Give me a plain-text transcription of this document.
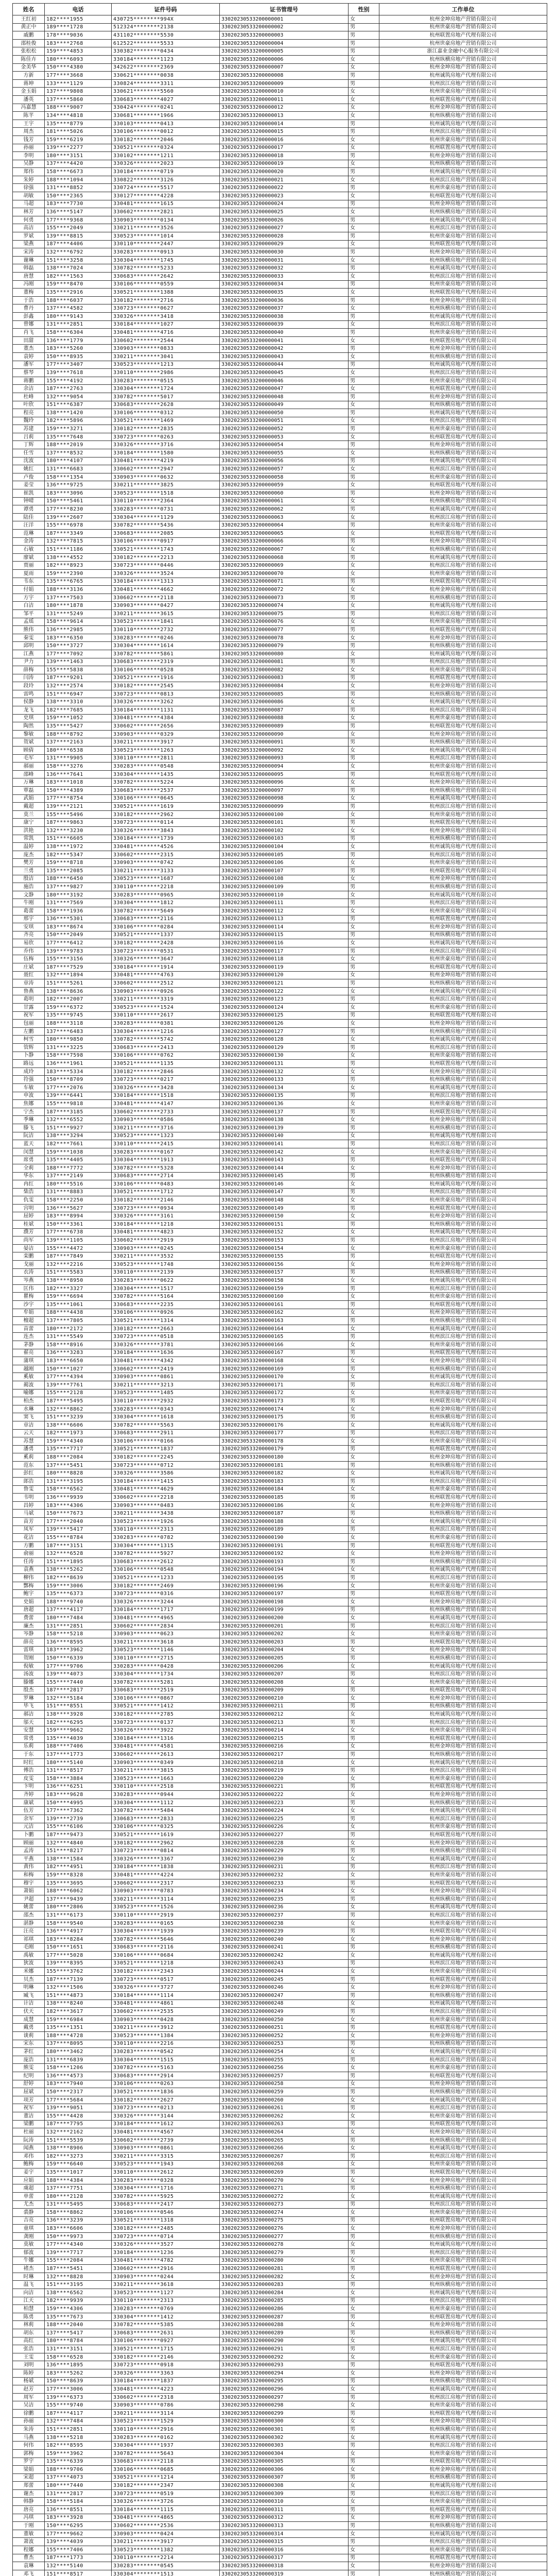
姓名	电话	证件号码	证书管理号	性别	工作单位
王红初	182****1955	430725********994X	33020230533200000001	女	杭州金坤房地产营销有限公司
黄正中	189****1728	512324********2138	33020230533200000002	男	杭州世豪房地产营销有限公司
戚鹏	178****9036	431102********5530	33020230533200000003	男	杭州联置房地产代理有限公司
邵桂俊	183****2768	612522********5533	33020230533200000004	男	杭州世豪房地产营销有限公司
张松松	159****4853	330382********0434	33020230533200000005	男	浙江嘉业金融中心服务有限公司
陈佳卉	180****6093	330184********1123	33020230533200000006	女	杭州纵横房地产营销有限公司
金美华	150****4380	342622********2369	33020230533200000007	女	杭州金坤房地产营销有限公司
方新	177****3668	330621********0038	33020230533200000008	男	杭州诚筑房地产代理有限公司
蒋坤	133****1129	330824********3311	33020230533200000009	男	杭州滨江房地产营销有限公司
金玉娟	137****9808	330621********5560	33020230533200000010	女	杭州世豪房地产营销有限公司
潘英	137****5860	330683********4027	33020230533200000011	女	杭州联置房地产代理有限公司
冯嘉慧	188****9007	330424********0241	33020230533200000012	女	杭州金坤房地产营销有限公司
陈芊	134****4818	330681********1966	33020230533200000013	女	杭州纵横房地产营销有限公司
王宇	135****8779	330103********0413	33020230533200000014	男	杭州诚筑房地产代理有限公司
周杰	181****5026	330106********0012	33020230533200000015	男	杭州滨江房地产营销有限公司
钱芳	159****6219	330182********2046	33020230533200000016	女	杭州世豪房地产营销有限公司
孙丽	139****2277	330521********0324	33020230533200000017	女	杭州联置房地产代理有限公司
李明	180****3151	330102********1211	33020230533200000018	男	杭州金坤房地产营销有限公司
吴静	137****4420	330326********2023	33020230533200000019	女	杭州纵横房地产营销有限公司
郑伟	158****6673	330184********0719	33020230533200000020	男	杭州诚筑房地产代理有限公司
朱婷	188****1094	330822********3126	33020230533200000021	女	杭州滨江房地产营销有限公司
徐强	131****8852	330724********5517	33020230533200000022	男	杭州世豪房地产营销有限公司
胡敏	150****2365	330127********4228	33020230533200000023	女	杭州联置房地产代理有限公司
马超	183****7730	330481********1615	33020230533200000024	男	杭州金坤房地产营销有限公司
林芳	136****5147	330602********2821	33020230533200000025	女	杭州纵横房地产营销有限公司
何勇	177****9368	330903********0134	33020230533200000026	男	杭州诚筑房地产代理有限公司
高洁	155****2049	330211********3526	33020230533200000027	女	杭州滨江房地产营销有限公司
罗斌	139****8815	330523********1014	33020230533200000028	男	杭州世豪房地产营销有限公司
梁燕	187****4406	330110********2447	33020230533200000029	女	杭州联置房地产代理有限公司
宋涛	132****6792	330283********0913	33020230533200000030	男	杭州金坤房地产营销有限公司
谢琳	151****3258	330304********1745	33020230533200000031	女	杭州纵横房地产营销有限公司
韩磊	138****7024	330782********5233	33020230533200000032	男	杭州诚筑房地产代理有限公司
唐慧	182****1563	330683********2642	33020230533200000033	女	杭州滨江房地产营销有限公司
冯刚	159****8470	330106********0559	33020230533200000034	男	杭州世豪房地产营销有限公司
董梅	135****2916	330521********1388	33020230533200000035	女	杭州联置房地产代理有限公司
于浩	188****6037	330182********2716	33020230533200000036	男	杭州金坤房地产营销有限公司
曹丹	137****4582	330723********0627	33020230533200000037	女	杭州纵横房地产营销有限公司
彭鑫	180****9143	330326********3418	33020230533200000038	男	杭州诚筑房地产代理有限公司
曾娜	131****2851	330184********1027	33020230533200000039	女	杭州滨江房地产营销有限公司
肖飞	158****6304	330481********4716	33020230533200000040	男	杭州世豪房地产营销有限公司
田甜	136****1779	330602********2544	33020230533200000041	女	杭州联置房地产代理有限公司
董杰	183****5260	330903********0833	33020230533200000042	男	杭州金坤房地产营销有限公司
袁婷	150****8935	330211********3041	33020230533200000043	女	杭州纵横房地产营销有限公司
潘军	177****3407	330523********1213	33020230533200000044	男	杭州诚筑房地产代理有限公司
蔡琴	139****7618	330110********2986	33020230533200000045	女	杭州滨江房地产营销有限公司
蒋鹏	155****4192	330283********0515	33020230533200000046	男	杭州世豪房地产营销有限公司
余洁	187****2763	330304********1724	33020230533200000047	女	杭州联置房地产代理有限公司
杜峰	132****9054	330782********5017	33020230533200000048	男	杭州金坤房地产营销有限公司
叶欣	151****6387	330683********2628	33020230533200000049	女	杭州纵横房地产营销有限公司
程亮	138****1420	330106********0312	33020230533200000050	男	杭州诚筑房地产代理有限公司
魏玲	182****5896	330521********1469	33020230533200000051	女	杭州滨江房地产营销有限公司
苏建	159****3271	330182********2835	33020230533200000052	男	杭州世豪房地产营销有限公司
吕莉	135****7648	330723********0263	33020230533200000053	女	杭州联置房地产代理有限公司
丁辉	188****2019	330326********3716	33020230533200000054	男	杭州金坤房地产营销有限公司
任雪	137****8532	330184********1580	33020230533200000055	女	杭州纵横房地产营销有限公司
沈波	180****4107	330481********4219	33020230533200000056	男	杭州诚筑房地产代理有限公司
姚红	131****6683	330602********2947	33020230533200000057	女	杭州滨江房地产营销有限公司
卢俊	158****1354	330903********0632	33020230533200000058	男	杭州世豪房地产营销有限公司
姜莹	136****9725	330211********3825	33020230533200000059	女	杭州联置房地产代理有限公司
崔凯	183****3096	330523********1518	33020230533200000060	男	杭州金坤房地产营销有限公司
钟晴	150****5461	330110********2364	33020230533200000061	女	杭州纵横房地产营销有限公司
谭勇	177****8230	330283********0731	33020230533200000062	男	杭州诚筑房地产代理有限公司
陆佳	139****2607	330304********1129	33020230533200000063	女	杭州滨江房地产营销有限公司
汪洋	155****6978	330782********5436	33020230533200000064	男	杭州世豪房地产营销有限公司
范琳	187****3349	330683********2085	33020230533200000065	女	杭州联置房地产代理有限公司
金涛	132****7815	330106********0917	33020230533200000066	男	杭州金坤房地产营销有限公司
石敏	151****1186	330521********1743	33020230533200000067	女	杭州纵横房地产营销有限公司
廖斌	138****4552	330182********2213	33020230533200000068	男	杭州诚筑房地产代理有限公司
贾丽	182****8923	330723********0446	33020230533200000069	女	杭州滨江房地产营销有限公司
夏雨	159****2390	330326********3524	33020230533200000070	女	杭州世豪房地产营销有限公司
韦东	135****6765	330184********1313	33020230533200000071	男	杭州联置房地产代理有限公司
付娟	188****3136	330481********4662	33020230533200000072	女	杭州金坤房地产营销有限公司
方宇	137****7503	330602********2118	33020230533200000073	男	杭州纵横房地产营销有限公司
白洁	180****1878	330903********0427	33020230533200000074	女	杭州诚筑房地产代理有限公司
邹平	131****5249	330211********3615	33020230533200000075	男	杭州滨江房地产营销有限公司
孟瑶	158****9614	330523********1841	33020230533200000076	女	杭州世豪房地产营销有限公司
熊伟	136****2985	330110********2732	33020230533200000077	男	杭州联置房地产代理有限公司
秦雯	183****6350	330283********0246	33020230533200000078	女	杭州金坤房地产营销有限公司
邱明	150****3727	330304********1614	33020230533200000079	男	杭州纵横房地产营销有限公司
江燕	177****7092	330782********5861	33020230533200000080	女	杭州诚筑房地产代理有限公司
尹力	139****1463	330683********2319	33020230533200000081	男	杭州滨江房地产营销有限公司
薛梅	155****5838	330106********0528	33020230533200000082	女	杭州世豪房地产营销有限公司
闫涛	187****9201	330521********1916	33020230533200000083	男	杭州联置房地产代理有限公司
段玲	132****2574	330182********2545	33020230533200000084	女	杭州金坤房地产营销有限公司
雷鸣	151****6947	330723********0813	33020230533200000085	男	杭州纵横房地产营销有限公司
侯静	138****3310	330326********3262	33020230533200000086	女	杭州诚筑房地产代理有限公司
龙飞	182****7685	330184********1131	33020230533200000087	男	杭州滨江房地产营销有限公司
史琪	159****1052	330481********4384	33020230533200000088	女	杭州世豪房地产营销有限公司
陶然	135****5427	330602********2656	33020230533200000089	男	杭州联置房地产代理有限公司
黎敏	188****8792	330903********0329	33020230533200000090	女	杭州金坤房地产营销有限公司
贺斌	137****2163	330211********3917	33020230533200000091	男	杭州纵横房地产营销有限公司
顾倩	180****6538	330523********1263	33020230533200000092	女	杭州诚筑房地产代理有限公司
毛军	131****9905	330110********2811	33020230533200000093	男	杭州滨江房地产营销有限公司
郝丽	158****3276	330283********0548	33020230533200000094	女	杭州世豪房地产营销有限公司
邵峰	136****7641	330304********1435	33020230533200000095	男	杭州联置房地产代理有限公司
万琳	183****1018	330782********5224	33020230533200000096	女	杭州金坤房地产营销有限公司
覃磊	150****4389	330683********2537	33020230533200000097	男	杭州纵横房地产营销有限公司
武娟	177****8754	330106********0645	33020230533200000098	女	杭州诚筑房地产代理有限公司
戴超	139****2121	330521********1619	33020230533200000099	男	杭州滨江房地产营销有限公司
莫兰	155****5496	330182********2962	33020230533200000100	女	杭州世豪房地产营销有限公司
康宁	187****9863	330723********0114	33020230533200000101	男	杭州联置房地产代理有限公司
洪艳	132****3230	330326********3843	33020230533200000102	女	杭州金坤房地产营销有限公司
常凯	151****6605	330184********1739	33020230533200000103	男	杭州纵横房地产营销有限公司
温婷	138****1972	330481********4526	33020230533200000104	女	杭州诚筑房地产代理有限公司
庞杰	182****5347	330602********2315	33020230533200000105	男	杭州滨江房地产营销有限公司
樊芳	159****8718	330903********0742	33020230533200000106	女	杭州世豪房地产营销有限公司
兰勇	135****2085	330211********3133	33020230533200000107	男	杭州联置房地产代理有限公司
殷洁	188****6450	330523********1687	33020230533200000108	女	杭州金坤房地产营销有限公司
施浩	137****9827	330110********2218	33020230533200000109	男	杭州纵横房地产营销有限公司
文静	180****3192	330283********0965	33020230533200000110	女	杭州诚筑房地产代理有限公司
牛刚	131****7569	330304********1812	33020230533200000111	男	杭州滨江房地产营销有限公司
葛蕾	158****1936	330782********5649	33020230533200000112	女	杭州世豪房地产营销有限公司
邢宇	136****5301	330683********2116	33020230533200000113	男	杭州联置房地产代理有限公司
安琪	183****8674	330106********0284	33020230533200000114	女	杭州金坤房地产营销有限公司
齐亮	150****2049	330521********1337	33020230533200000115	男	杭州纵横房地产营销有限公司
易欣	177****6412	330182********2428	33020230533200000116	女	杭州诚筑房地产代理有限公司
乔伟	139****9783	330723********0531	33020230533200000117	男	杭州滨江房地产营销有限公司
伍梅	155****3156	330326********3647	33020230533200000118	女	杭州世豪房地产营销有限公司
庄斌	187****7529	330184********1914	33020230533200000119	男	杭州联置房地产代理有限公司
聂红	132****1894	330481********4763	33020230533200000120	女	杭州金坤房地产营销有限公司
章涛	151****5261	330602********2512	33020230533200000121	男	杭州纵横房地产营销有限公司
鲁燕	138****8636	330903********0926	33020230533200000122	女	杭州诚筑房地产代理有限公司
葛明	182****2007	330211********3319	33020230533200000123	男	杭州滨江房地产营销有限公司
甘露	159****6372	330523********1524	33020230533200000124	女	杭州世豪房地产营销有限公司
祝军	135****9745	330110********2617	33020230533200000125	男	杭州联置房地产代理有限公司
包丽	188****3118	330283********0381	33020230533200000126	女	杭州金坤房地产营销有限公司
左鹏	137****6483	330304********1216	33020230533200000127	男	杭州纵横房地产营销有限公司
柯雪	180****9850	330782********5742	33020230533200000128	女	杭州诚筑房地产代理有限公司
管辉	131****3225	330683********2413	33020230533200000129	男	杭州滨江房地产营销有限公司
卜静	158****7598	330106********0762	33020230533200000130	女	杭州世豪房地产营销有限公司
路远	136****1961	330521********1135	33020230533200000131	男	杭州联置房地产代理有限公司
成玲	183****5334	330182********2846	33020230533200000132	女	杭州金坤房地产营销有限公司
符强	150****8709	330723********0217	33020230533200000133	男	杭州纵横房地产营销有限公司
车敏	177****2076	330326********3428	33020230533200000134	女	杭州诚筑房地产代理有限公司
申波	139****6441	330184********1518	33020230533200000135	男	杭州滨江房地产营销有限公司
焦娜	155****9818	330481********4147	33020230533200000136	女	杭州世豪房地产营销有限公司
宁杰	187****3185	330602********2733	33020230533200000137	男	杭州联置房地产代理有限公司
季琳	132****6552	330903********0586	33020230533200000138	女	杭州金坤房地产营销有限公司
滕飞	151****9927	330211********3716	33020230533200000139	男	杭州纵横房地产营销有限公司
阮洁	138****3294	330523********1323	33020230533200000140	女	杭州诚筑房地产代理有限公司
蓝天	182****7661	330110********2415	33020230533200000141	男	杭州滨江房地产营销有限公司
闵慧	159****1038	330283********0167	33020230533200000142	女	杭州世豪房地产营销有限公司
席勇	135****4405	330304********1913	33020230533200000143	男	杭州联置房地产代理有限公司
全莉	188****7772	330782********5328	33020230533200000144	女	杭州金坤房地产营销有限公司
华东	137****2149	330683********2714	33020230533200000145	男	杭州纵横房地产营销有限公司
冉红	180****5516	330106********0483	33020230533200000146	女	杭州诚筑房地产代理有限公司
柴浩	131****8883	330521********1712	33020230533200000147	男	杭州滨江房地产营销有限公司
仇雯	158****2250	330182********2146	33020230533200000148	女	杭州世豪房地产营销有限公司
宫明	136****5627	330723********0934	33020230533200000149	男	杭州联置房地产代理有限公司
屈婷	183****8994	330326********3161	33020230533200000150	女	杭州金坤房地产营销有限公司
桂斌	150****3361	330184********1218	33020230533200000151	男	杭州纵横房地产营销有限公司
濮芳	177****6738	330481********4823	33020230533200000152	女	杭州诚筑房地产代理有限公司
尚军	139****1105	330602********2919	33020230533200000153	男	杭州滨江房地产营销有限公司
晏洁	155****4472	330903********0245	33020230533200000154	女	杭州世豪房地产营销有限公司
栾鹏	187****7849	330211********3532	33020230533200000155	男	杭州联置房地产代理有限公司
戈丽	132****2216	330523********1748	33020230533200000156	女	杭州金坤房地产营销有限公司
衣涛	151****5583	330110********2139	33020230533200000157	男	杭州纵横房地产营销有限公司
岑燕	138****8950	330283********0622	33020230533200000158	女	杭州诚筑房地产代理有限公司
匡伟	182****3327	330304********1517	33020230533200000159	男	杭州滨江房地产营销有限公司
瞿梅	159****6694	330782********5164	33020230533200000160	女	杭州世豪房地产营销有限公司
沙宇	135****1061	330683********2235	33020230533200000161	男	杭州联置房地产代理有限公司
牟娟	188****4438	330106********0926	33020230533200000162	女	杭州金坤房地产营销有限公司
檀超	137****7805	330521********1314	33020230533200000163	男	杭州纵横房地产营销有限公司
苗蕾	180****2172	330182********2663	33020230533200000164	女	杭州诚筑房地产代理有限公司
连杰	131****5549	330723********0518	33020230533200000165	男	杭州滨江房地产营销有限公司
茅静	158****8916	330326********3781	33020230533200000166	女	杭州世豪房地产营销有限公司
翟亮	136****3283	330184********1636	33020230533200000167	男	杭州联置房地产代理有限公司
蒲琪	183****6650	330481********4342	33020230533200000168	女	杭州金坤房地产营销有限公司
越刚	150****1027	330602********2419	33020230533200000169	男	杭州纵横房地产营销有限公司
奚敏	177****4394	330903********0861	33020230533200000170	女	杭州诚筑房地产代理有限公司
蔺波	139****7761	330211********3213	33020230533200000171	男	杭州滨江房地产营销有限公司
喻娜	155****2128	330523********1485	33020230533200000172	女	杭州世豪房地产营销有限公司
柏杰	187****5495	330110********2932	33020230533200000173	男	杭州联置房地产代理有限公司
水琳	132****8862	330283********0343	33020230533200000174	女	杭州金坤房地产营销有限公司
窦飞	151****3239	330304********1618	33020230533200000175	男	杭州纵横房地产营销有限公司
章洁	138****6606	330782********5563	33020230533200000176	女	杭州诚筑房地产代理有限公司
云天	182****1973	330683********2911	33020230533200000177	男	杭州滨江房地产营销有限公司
苏慧	159****4340	330106********0166	33020230533200000178	女	杭州世豪房地产营销有限公司
潘勇	135****7717	330521********1837	33020230533200000179	男	杭州联置房地产代理有限公司
奚莉	188****2084	330182********2245	33020230533200000180	女	杭州金坤房地产营销有限公司
范东	137****5451	330723********0712	33020230533200000181	男	杭州纵横房地产营销有限公司
彭红	180****8828	330326********3586	33020230533200000182	女	杭州诚筑房地产代理有限公司
郎浩	131****3195	330184********1415	33020230533200000183	男	杭州滨江房地产营销有限公司
鲁雯	158****6562	330481********4629	33020230533200000184	女	杭州世豪房地产营销有限公司
韦明	136****9939	330602********2218	33020230533200000185	男	杭州联置房地产代理有限公司
昌婷	183****4306	330903********0483	33020230533200000186	女	杭州金坤房地产营销有限公司
马斌	150****7673	330211********3438	33020230533200000187	男	杭州纵横房地产营销有限公司
苗芳	177****2040	330523********1926	33020230533200000188	女	杭州诚筑房地产代理有限公司
凤军	139****5417	330110********2313	33020230533200000189	男	杭州滨江房地产营销有限公司
花洁	155****8784	330283********0782	33020230533200000190	女	杭州世豪房地产营销有限公司
方鹏	187****3151	330304********1315	33020230533200000191	男	杭州联置房地产代理有限公司
俞丽	132****6528	330782********5927	33020230533200000192	女	杭州金坤房地产营销有限公司
任涛	151****1895	330683********2612	33020230533200000193	男	杭州纵横房地产营销有限公司
袁燕	138****5262	330106********0548	33020230533200000194	女	杭州诚筑房地产代理有限公司
柳伟	182****8639	330521********1233	33020230533200000195	男	杭州滨江房地产营销有限公司
酆梅	159****3006	330182********2469	33020230533200000196	女	杭州世豪房地产营销有限公司
鲍宇	135****6373	330723********0316	33020230533200000197	男	杭州联置房地产代理有限公司
史娟	188****9740	330326********3244	33020230533200000198	女	杭州金坤房地产营销有限公司
唐超	137****4117	330184********1717	33020230533200000199	男	杭州纵横房地产营销有限公司
费蕾	180****7484	330481********4965	33020230533200000200	女	杭州诚筑房地产代理有限公司
廉杰	131****2851	330602********2834	33020230533200000201	男	杭州滨江房地产营销有限公司
岑静	158****5218	330903********0623	33020230533200000202	女	杭州世豪房地产营销有限公司
薛亮	136****8595	330211********3618	33020230533200000203	男	杭州联置房地产代理有限公司
雷琪	183****3962	330523********1146	33020230533200000204	女	杭州金坤房地产营销有限公司
贺刚	150****6339	330110********2715	33020230533200000205	男	杭州纵横房地产营销有限公司
倪敏	177****9706	330283********0428	33020230533200000206	女	杭州诚筑房地产代理有限公司
汤波	139****4073	330304********1734	33020230533200000207	男	杭州滨江房地产营销有限公司
滕娜	155****7440	330782********5281	33020230533200000208	女	杭州世豪房地产营销有限公司
殷杰	187****2817	330683********2519	33020230533200000209	男	杭州联置房地产代理有限公司
罗琳	132****5184	330106********0867	33020230533200000210	女	杭州金坤房地产营销有限公司
毕飞	151****8551	330521********1412	33020230533200000211	男	杭州纵横房地产营销有限公司
郝洁	138****3928	330182********2785	33020230533200000212	女	杭州诚筑房地产代理有限公司
邬天	182****6295	330723********0137	33020230533200000213	男	杭州滨江房地产营销有限公司
安慧	159****9662	330326********3922	33020230533200000214	女	杭州世豪房地产营销有限公司
常勇	135****4039	330184********1316	33020230533200000215	男	杭州联置房地产代理有限公司
乐莉	188****7406	330481********4581	33020230533200000216	女	杭州金坤房地产营销有限公司
于东	137****1773	330602********2613	33020230533200000217	男	杭州纵横房地产营销有限公司
时红	180****5140	330903********0349	33020230533200000218	女	杭州诚筑房地产代理有限公司
傅浩	131****8517	330211********3815	33020230533200000219	男	杭州滨江房地产营销有限公司
皮雯	158****3884	330523********1663	33020230533200000220	女	杭州世豪房地产营销有限公司
卞明	136****6251	330110********2518	33020230533200000221	男	杭州联置房地产代理有限公司
齐婷	183****9628	330283********0944	33020230533200000222	女	杭州金坤房地产营销有限公司
康斌	150****4995	330304********1112	33020230533200000223	男	杭州纵横房地产营销有限公司
伍芳	177****7362	330782********5484	33020230533200000224	女	杭州诚筑房地产代理有限公司
余军	139****2739	330683********2833	33020230533200000225	男	杭州滨江房地产营销有限公司
元洁	155****6106	330106********0325	33020230533200000226	女	杭州世豪房地产营销有限公司
卜鹏	187****9473	330521********1619	33020230533200000227	男	杭州联置房地产代理有限公司
顾丽	132****4840	330182********2962	33020230533200000228	女	杭州金坤房地产营销有限公司
孟涛	151****8217	330723********0814	33020230533200000229	男	杭州纵横房地产营销有限公司
平燕	138****1584	330326********3367	33020230533200000230	女	杭州诚筑房地产代理有限公司
黄伟	182****4951	330184********1838	33020230533200000231	男	杭州滨江房地产营销有限公司
和梅	159****8328	330481********4224	33020230533200000232	女	杭州世豪房地产营销有限公司
穆宇	135****3695	330602********2317	33020230533200000233	男	杭州联置房地产代理有限公司
萧娟	188****6062	330903********0783	33020230533200000234	女	杭州金坤房地产营销有限公司
尹超	137****9439	330211********3114	33020230533200000235	男	杭州纵横房地产营销有限公司
姚蕾	180****2806	330523********1526	33020230533200000236	女	杭州诚筑房地产代理有限公司
邵杰	131****6173	330110********2919	33020230533200000237	男	杭州滨江房地产营销有限公司
湛静	158****9540	330283********0165	33020230533200000238	女	杭州世豪房地产营销有限公司
汪亮	136****4917	330304********1939	33020230533200000239	男	杭州联置房地产代理有限公司
祁琪	183****8284	330782********5646	33020230533200000240	女	杭州金坤房地产营销有限公司
毛刚	150****1651	330683********2116	33020230533200000241	男	杭州纵横房地产营销有限公司
禹敏	177****5028	330106********0684	33020230533200000242	女	杭州诚筑房地产代理有限公司
狄波	139****8395	330521********1218	33020230533200000243	男	杭州滨江房地产营销有限公司
米娜	155****3762	330182********2343	33020230533200000244	女	杭州世豪房地产营销有限公司
贝杰	187****7139	330723********0517	33020230533200000245	男	杭州联置房地产代理有限公司
明琳	132****1506	330326********3727	33020230533200000246	女	杭州金坤房地产营销有限公司
臧飞	151****4873	330184********1114	33020230533200000247	男	杭州纵横房地产营销有限公司
计洁	138****8240	330481********4861	33020230533200000248	女	杭州诚筑房地产代理有限公司
伏天	182****3617	330602********2535	33020230533200000249	男	杭州滨江房地产营销有限公司
成慧	159****6984	330903********0428	33020230533200000250	女	杭州世豪房地产营销有限公司
戴勇	135****1351	330211********3912	33020230533200000251	男	杭州联置房地产代理有限公司
谈莉	188****4728	330523********1384	33020230533200000252	女	杭州金坤房地产营销有限公司
宋东	137****8095	330110********2216	33020230533200000253	男	杭州纵横房地产营销有限公司
茅红	180****3462	330283********0542	33020230533200000254	女	杭州诚筑房地产代理有限公司
庞浩	131****6839	330304********1515	33020230533200000255	男	杭州滨江房地产营销有限公司
熊雯	158****1206	330782********5163	33020230533200000256	女	杭州世豪房地产营销有限公司
纪明	136****4573	330683********2914	33020230533200000257	男	杭州联置房地产代理有限公司
舒婷	183****7940	330106********0263	33020230533200000258	女	杭州金坤房地产营销有限公司
屈斌	150****2317	330521********1836	33020230533200000259	男	杭州纵横房地产营销有限公司
项芳	177****5684	330182********2627	33020230533200000260	女	杭州诚筑房地产代理有限公司
祝军	139****9051	330723********0213	33020230533200000261	男	杭州滨江房地产营销有限公司
董洁	155****4428	330326********3144	33020230533200000262	女	杭州世豪房地产营销有限公司
梁鹏	187****7795	330184********1612	33020230533200000263	男	杭州联置房地产代理有限公司
杜丽	132****2162	330481********4567	33020230533200000264	女	杭州金坤房地产营销有限公司
阮涛	151****5539	330602********2739	33020230533200000265	男	杭州纵横房地产营销有限公司
闻燕	138****8906	330903********0861	33020230533200000266	女	杭州诚筑房地产代理有限公司
邓伟	182****3273	330211********3315	33020230533200000267	男	杭州滨江房地产营销有限公司
鲍梅	159****6640	330523********1943	33020230533200000268	女	杭州世豪房地产营销有限公司
姜宇	135****1017	330110********2612	33020230533200000269	男	杭州联置房地产代理有限公司
应娟	188****4384	330283********0328	33020230533200000270	女	杭州金坤房地产营销有限公司
虞超	137****7751	330304********1716	33020230533200000271	男	杭州纵横房地产营销有限公司
单蕾	180****2128	330782********5925	33020230533200000272	女	杭州诚筑房地产代理有限公司
尤杰	131****5495	330683********2417	33020230533200000273	男	杭州滨江房地产营销有限公司
裘静	158****8862	330106********0546	33020230533200000274	女	杭州世豪房地产营销有限公司
吉亮	136****3239	330521********1318	33020230533200000275	男	杭州联置房地产代理有限公司
童琪	183****6606	330182********2485	33020230533200000276	女	杭州金坤房地产营销有限公司
龚刚	150****9973	330723********0714	33020230533200000277	男	杭州纵横房地产营销有限公司
莫敏	177****4340	330326********3527	33020230533200000278	女	杭州诚筑房地产代理有限公司
郁波	139****7717	330184********1236	33020230533200000279	男	杭州滨江房地产营销有限公司
牛娜	155****2084	330481********4782	33020230533200000280	女	杭州世豪房地产营销有限公司
褚杰	187****5451	330602********2916	33020230533200000281	男	杭州联置房地产代理有限公司
时琳	132****8828	330903********0244	33020230533200000282	女	杭州金坤房地产营销有限公司
温飞	151****3195	330211********3618	33020230533200000283	男	杭州纵横房地产营销有限公司
向洁	138****6562	330523********1127	33020230533200000284	女	杭州诚筑房地产代理有限公司
江天	182****9939	330110********2313	33020230533200000285	男	杭州滨江房地产营销有限公司
柏慧	159****4306	330283********0769	33020230533200000286	女	杭州世豪房地产营销有限公司
陈勇	135****7673	330304********1412	33020230533200000287	男	杭州联置房地产代理有限公司
林莉	188****2040	330782********5385	33020230533200000288	女	杭州金坤房地产营销有限公司
胡东	137****5417	330683********2631	33020230533200000289	男	杭州纵横房地产营销有限公司
高红	180****8784	330106********0927	33020230533200000290	女	杭州诚筑房地产代理有限公司
张浩	131****3151	330521********1715	33020230533200000291	男	杭州滨江房地产营销有限公司
王雯	158****6528	330182********2146	33020230533200000292	女	杭州世豪房地产营销有限公司
刘明	136****1895	330723********0918	33020230533200000293	男	杭州联置房地产代理有限公司
陈婷	183****5262	330326********3363	33020230533200000294	女	杭州金坤房地产营销有限公司
杨斌	150****8639	330184********1837	33020230533200000295	男	杭州纵横房地产营销有限公司
赵芳	177****3006	330481********4223	33020230533200000296	女	杭州诚筑房地产代理有限公司
周军	139****6373	330602********2318	33020230533200000297	男	杭州滨江房地产营销有限公司
吴洁	155****9740	330903********0786	33020230533200000298	女	杭州世豪房地产营销有限公司
徐鹏	187****4117	330211********3114	33020230533200000299	男	杭州联置房地产代理有限公司
孙丽	132****7484	330523********1529	33020230533200000300	女	杭州金坤房地产营销有限公司
朱涛	151****2851	330110********2916	33020230533200000301	男	杭州纵横房地产营销有限公司
马燕	138****5218	330283********0162	33020230533200000302	女	杭州诚筑房地产代理有限公司
何伟	182****8595	330304********1937	33020230533200000303	男	杭州滨江房地产营销有限公司
郭梅	159****3962	330782********5643	33020230533200000304	女	杭州世豪房地产营销有限公司
罗宇	135****6339	330683********2118	33020230533200000305	男	杭州联置房地产代理有限公司
梁娟	188****9706	330106********0685	33020230533200000306	女	杭州金坤房地产营销有限公司
宋超	137****4073	330521********1214	33020230533200000307	男	杭州纵横房地产营销有限公司
郑蕾	180****7440	330182********2347	33020230533200000308	女	杭州诚筑房地产代理有限公司
谢杰	131****2817	330723********0519	33020230533200000309	男	杭州滨江房地产营销有限公司
韩静	158****5184	330326********3726	33020230533200000310	女	杭州世豪房地产营销有限公司
唐亮	136****8551	330184********1115	33020230533200000311	男	杭州联置房地产代理有限公司
冯琪	183****3928	330481********4865	33020230533200000312	女	杭州金坤房地产营销有限公司
于刚	150****6295	330602********2536	33020230533200000313	男	杭州纵横房地产营销有限公司
董敏	177****9662	330903********0424	33020230533200000314	女	杭州诚筑房地产代理有限公司
萧波	139****4039	330211********3917	33020230533200000315	男	杭州滨江房地产营销有限公司
程娜	155****7406	330523********1382	33020230533200000316	女	杭州世豪房地产营销有限公司
曹杰	187****1773	330110********2214	33020230533200000317	男	杭州联置房地产代理有限公司
袁琳	132****5140	330283********0545	33020230533200000318	女	杭州金坤房地产营销有限公司
邓飞	151****8517	330304********1513	33020230533200000319	男	杭州纵横房地产营销有限公司
